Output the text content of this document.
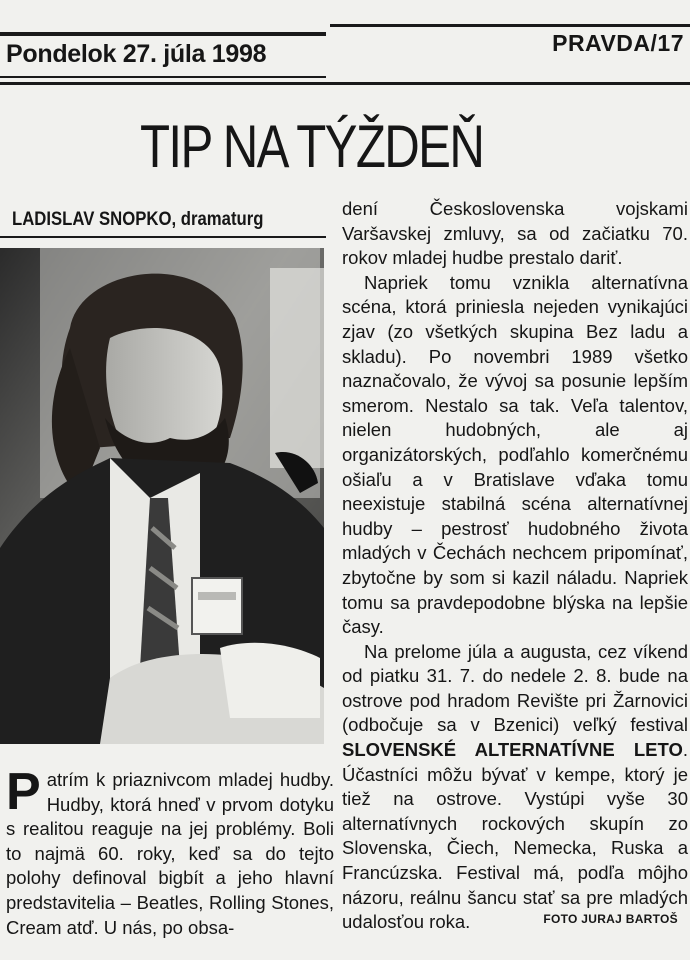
Pondelok 27. júla 1998	PRAVDA/17
TIP NA TÝŽDEŇ
LADISLAV SNOPKO, dramaturg

P atrím k priaznivcom mladej hudby. Hudby, ktorá hneď v prvom dotyku s realitou reaguje na jej problémy. Boli to najmä 60. roky, keď sa do tejto polohy definoval bigbít a jeho hlavní predstavitelia – Beatles, Rolling Stones, Cream atď. U nás, po obsa-

dení Československa vojskami Varšavskej zmluvy, sa od začiatku 70. rokov mladej hudbe prestalo dariť.

Napriek tomu vznikla alternatívna scéna, ktorá priniesla nejeden vynikajúci zjav (zo všetkých skupina Bez ladu a skladu). Po novembri 1989 všetko naznačovalo, že vývoj sa posunie lepším smerom. Nestalo sa tak. Veľa talentov, nielen hudobných, ale aj organizátorských, podľahlo komerčnému ošiaľu a v Bratislave vďaka tomu neexistuje stabilná scéna alternatívnej hudby – pestrosť hudobného života mladých v Čechách nechcem pripomínať, zbytočne by som si kazil náladu. Napriek tomu sa pravdepodobne blýska na lepšie časy.

Na prelome júla a augusta, cez víkend od piatku 31. 7. do nedele 2. 8. bude na ostrove pod hradom Revište pri Žarnovici (odbočuje sa v Bzenici) veľký festival SLOVENSKÉ ALTERNATÍVNE LETO. Účastníci môžu bývať v kempe, ktorý je tiež na ostrove. Vystúpi vyše 30 alternatívnych rockových skupín zo Slovenska, Čiech, Nemecka, Ruska a Francúzska. Festival má, podľa môjho názoru, reálnu šancu stať sa pre mladých udalosťou roka.	FOTO JURAJ BARTOŠ
